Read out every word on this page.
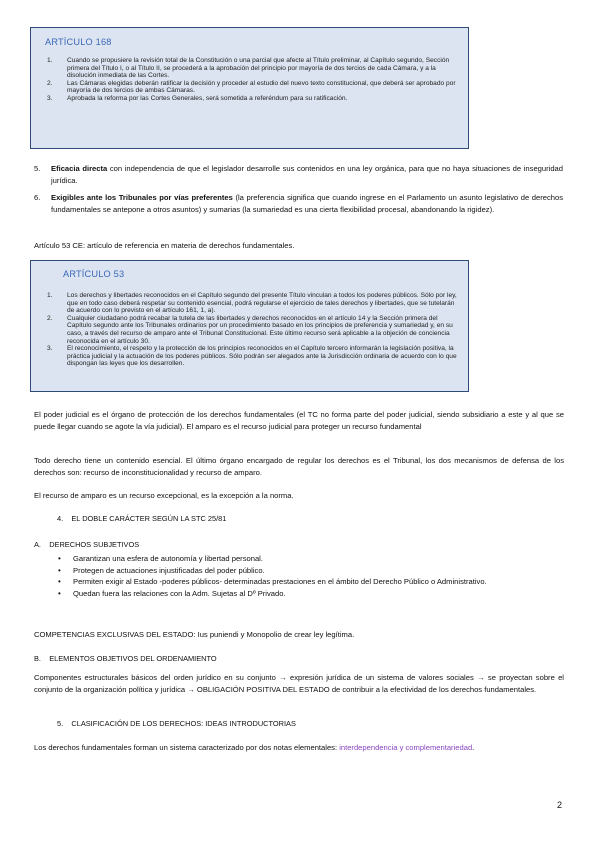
ARTÍCULO 168
1. Cuando se propusiere la revisión total de la Constitución o una parcial que afecte al Título preliminar, al Capítulo segundo, Sección primera del Título I, o al Título II, se procederá a la aprobación del principio por mayoría de dos tercios de cada Cámara, y a la disolución inmediata de las Cortes.
2. Las Cámaras elegidas deberán ratificar la decisión y proceder al estudio del nuevo texto constitucional, que deberá ser aprobado por mayoría de dos tercios de ambas Cámaras.
3. Aprobada la reforma por las Cortes Generales, será sometida a referéndum para su ratificación.
5.	Eficacia directa con independencia de que el legislador desarrolle sus contenidos en una ley orgánica, para que no haya situaciones de inseguridad jurídica.
6.	Exigibles ante los Tribunales por vías preferentes (la preferencia significa que cuando ingrese en el Parlamento un asunto legislativo de derechos fundamentales se antepone a otros asuntos) y sumarias (la sumariedad es una cierta flexibilidad procesal, abandonando la rigidez).
Artículo 53 CE: artículo de referencia en materia de derechos fundamentales.
ARTÍCULO 53
1. Los derechos y libertades reconocidos en el Capítulo segundo del presente Título vinculan a todos los poderes públicos. Sólo por ley, que en todo caso deberá respetar su contenido esencial, podrá regularse el ejercicio de tales derechos y libertades, que se tutelarán de acuerdo con lo previsto en el artículo 161, 1, a).
2. Cualquier ciudadano podrá recabar la tutela de las libertades y derechos reconocidos en el artículo 14 y la Sección primera del Capítulo segundo ante los Tribunales ordinarios por un procedimiento basado en los principios de preferencia y sumariedad y, en su caso, a través del recurso de amparo ante el Tribunal Constitucional. Este último recurso será aplicable a la objeción de conciencia reconocida en el artículo 30.
3. El reconocimiento, el respeto y la protección de los principios reconocidos en el Capítulo tercero informarán la legislación positiva, la práctica judicial y la actuación de los poderes públicos. Sólo podrán ser alegados ante la Jurisdicción ordinaria de acuerdo con lo que dispongan las leyes que los desarrollen.
El poder judicial es el órgano de protección de los derechos fundamentales (el TC no forma parte del poder judicial, siendo subsidiario a este y al que se puede llegar cuando se agote la vía judicial). El amparo es el recurso judicial para proteger un recurso fundamental
Todo derecho tiene un contenido esencial. El último órgano encargado de regular los derechos es el Tribunal, los dos mecanismos de defensa de los derechos son: recurso de inconstitucionalidad y recurso de amparo.
El recurso de amparo es un recurso excepcional, es la excepción a la norma.
4.    EL DOBLE CARÁCTER SEGÚN LA STC 25/81
A.    DERECHOS SUBJETIVOS
• Garantizan una esfera de autonomía y libertad personal.
• Protegen de actuaciones injustificadas del poder público.
• Permiten exigir al Estado -poderes públicos- determinadas prestaciones en el ámbito del Derecho Público o Administrativo.
• Quedan fuera las relaciones con la Adm. Sujetas al Dº Privado.
COMPETENCIAS EXCLUSIVAS DEL ESTADO: Ius puniendi y Monopolio de crear ley legítima.
B.    ELEMENTOS OBJETIVOS DEL ORDENAMIENTO
Componentes estructurales básicos del orden jurídico en su conjunto → expresión jurídica de un sistema de valores sociales → se proyectan sobre el conjunto de la organización política y jurídica → OBLIGACIÓN POSITIVA DEL ESTADO de contribuir a la efectividad de los derechos fundamentales.
5.    CLASIFICACIÓN DE LOS DERECHOS: IDEAS INTRODUCTORIAS
Los derechos fundamentales forman un sistema caracterizado por dos notas elementales: interdependencia y complementariedad.
2
